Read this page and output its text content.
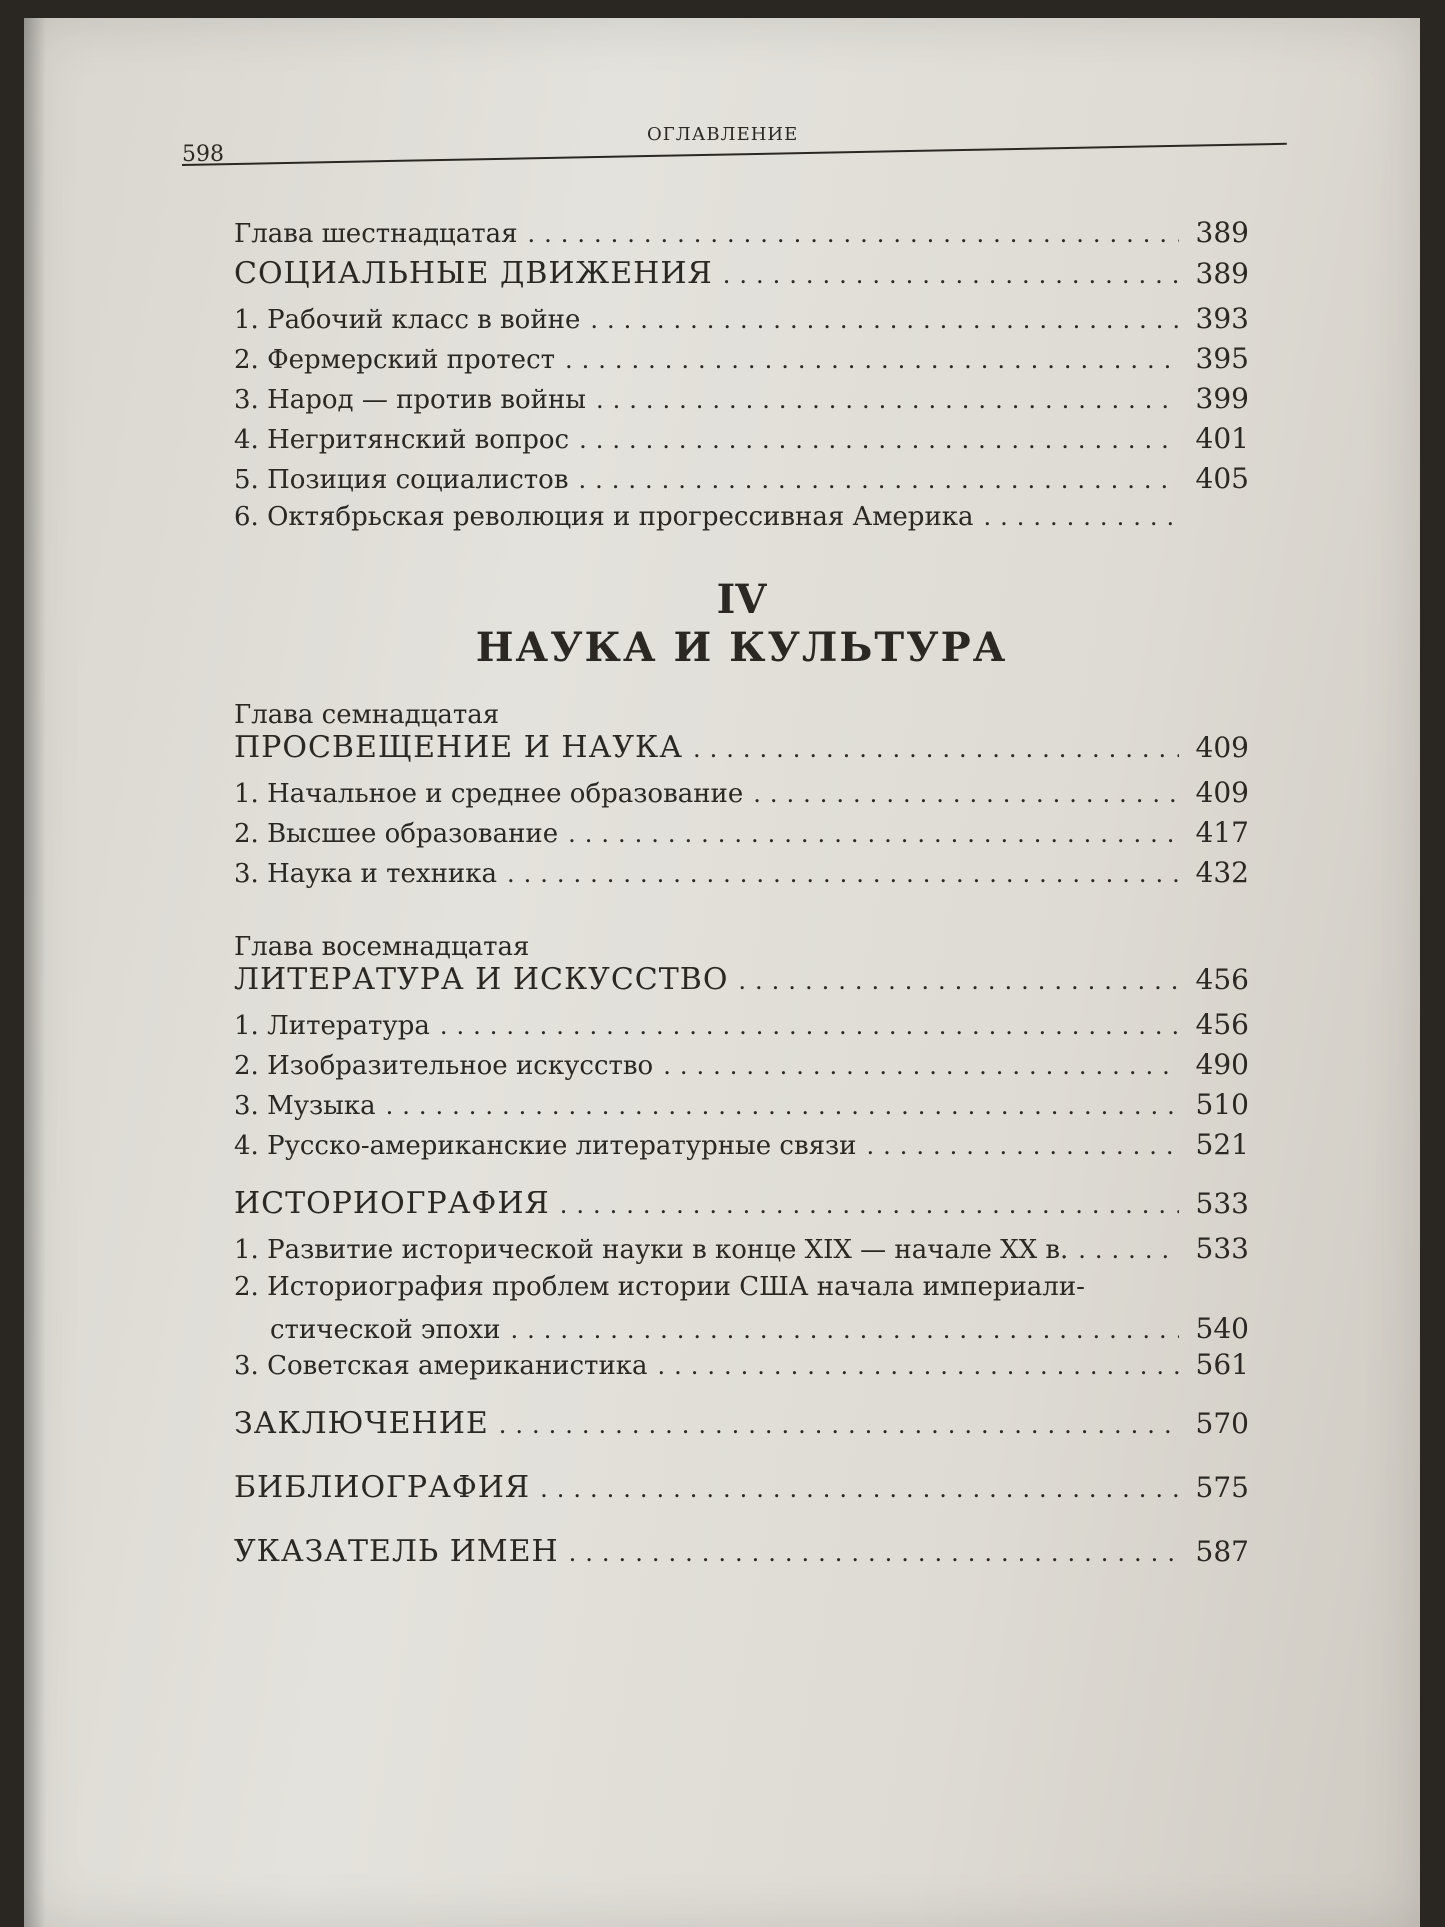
598
ОГЛАВЛЕНИЕ
Глава шестнадцатая .....	389
СОЦИАЛЬНЫЕ ДВИЖЕНИЯ .....	389
1. Рабочий класс в войне .....	393
2. Фермерский протест .....	395
3. Народ — против войны .....	399
4. Негритянский вопрос .....	401
5. Позиция социалистов .....	405
6. Октябрьская революция и прогрессивная Америка
.....
IV
НАУКА И КУЛЬТУРА
Глава семнадцатая
ПРОСВЕЩЕНИЕ И НАУКА .....	409
1. Начальное и среднее образование .....	409
2. Высшее образование .....	417
3. Наука и техника .....	432
Глава восемнадцатая
ЛИТЕРАТУРА И ИСКУССТВО .....	456
1. Литература .....	456
2. Изобразительное искусство .....	490
3. Музыка .....	510
4. Русско-американские литературные связи .....	521
ИСТОРИОГРАФИЯ .....	533
1. Развитие исторической науки в конце XIX — начале XX в. .....	533
2. Историография проблем истории США начала империали-
стической эпохи .....	540
3. Советская американистика .....	561
ЗАКЛЮЧЕНИЕ .....	570
БИБЛИОГРАФИЯ .....	575
УКАЗАТЕЛЬ ИМЕН .....	587
